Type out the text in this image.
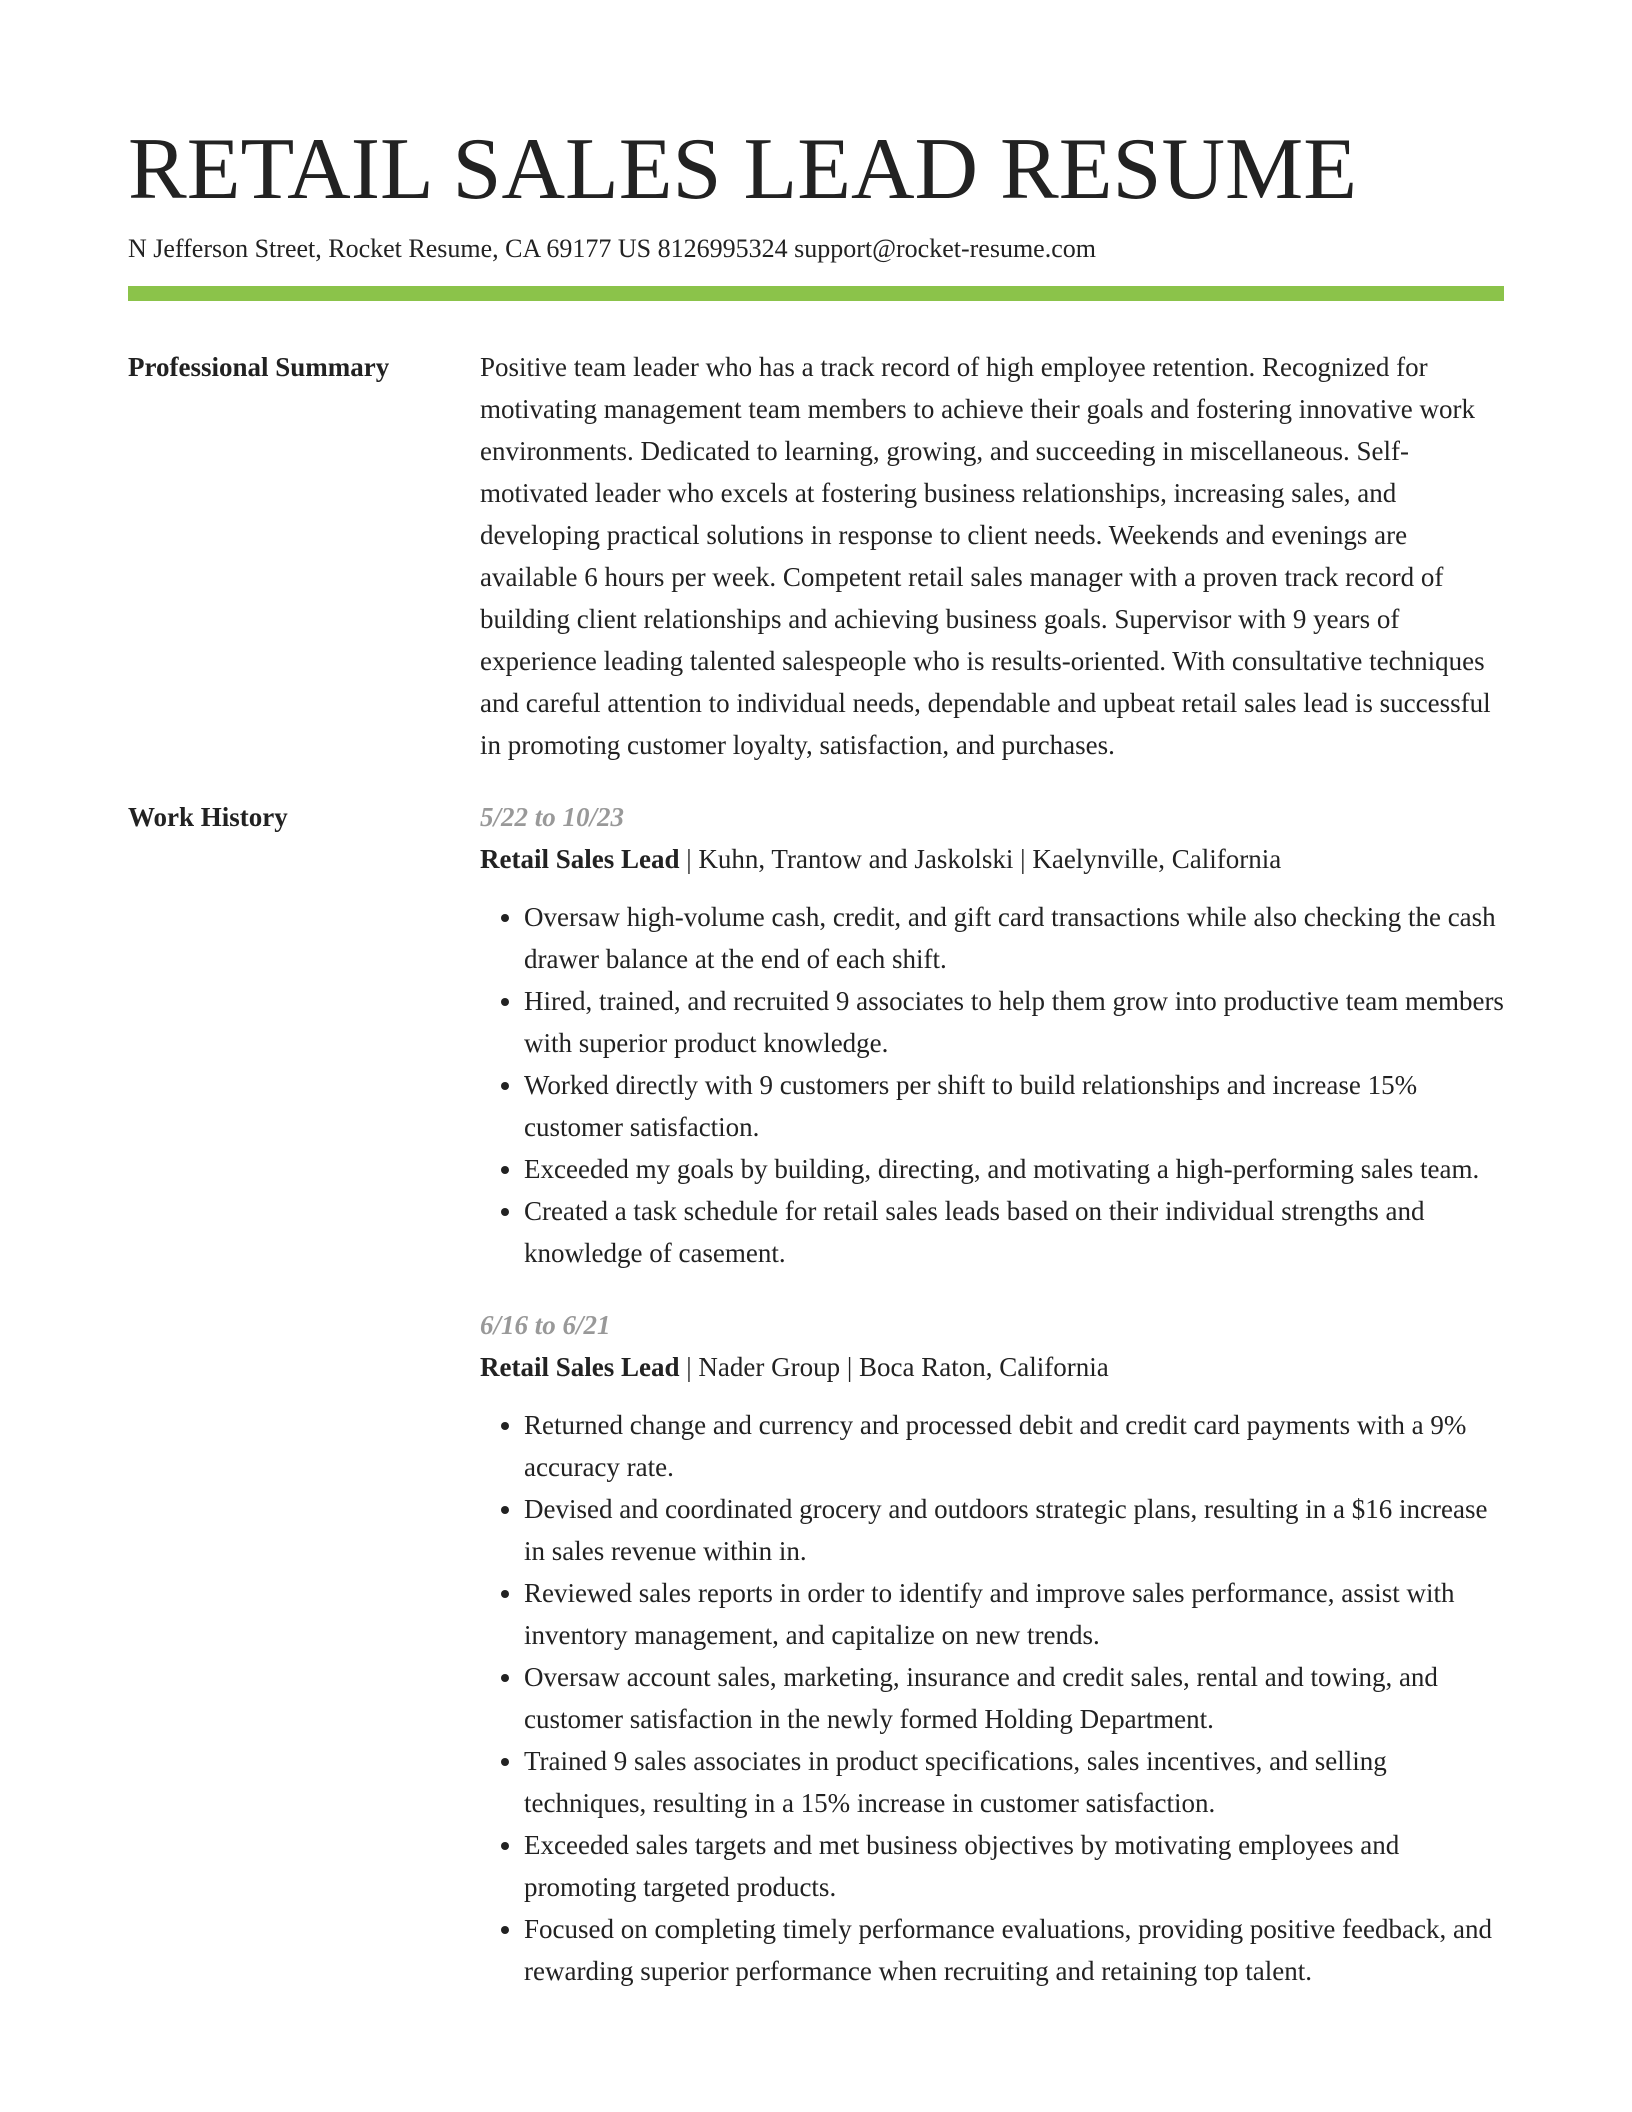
RETAIL SALES LEAD RESUME
N Jefferson Street, Rocket Resume, CA 69177 US 8126995324 support@rocket-resume.com
Professional Summary	Positive team leader who has a track record of high employee retention. Recognized for motivating management team members to achieve their goals and fostering innovative work environments. Dedicated to learning, growing, and succeeding in miscellaneous. Self-motivated leader who excels at fostering business relationships, increasing sales, and developing practical solutions in response to client needs. Weekends and evenings are available 6 hours per week. Competent retail sales manager with a proven track record of building client relationships and achieving business goals. Supervisor with 9 years of experience leading talented salespeople who is results-oriented. With consultative techniques and careful attention to individual needs, dependable and upbeat retail sales lead is successful in promoting customer loyalty, satisfaction, and purchases.

Work History	5/22 to 10/23
Retail Sales Lead | Kuhn, Trantow and Jaskolski | Kaelynville, California
• Oversaw high-volume cash, credit, and gift card transactions while also checking the cash drawer balance at the end of each shift.
• Hired, trained, and recruited 9 associates to help them grow into productive team members with superior product knowledge.
• Worked directly with 9 customers per shift to build relationships and increase 15% customer satisfaction.
• Exceeded my goals by building, directing, and motivating a high-performing sales team.
• Created a task schedule for retail sales leads based on their individual strengths and knowledge of casement.
6/16 to 6/21
Retail Sales Lead | Nader Group | Boca Raton, California
• Returned change and currency and processed debit and credit card payments with a 9% accuracy rate.
• Devised and coordinated grocery and outdoors strategic plans, resulting in a $16 increase in sales revenue within in.
• Reviewed sales reports in order to identify and improve sales performance, assist with inventory management, and capitalize on new trends.
• Oversaw account sales, marketing, insurance and credit sales, rental and towing, and customer satisfaction in the newly formed Holding Department.
• Trained 9 sales associates in product specifications, sales incentives, and selling techniques, resulting in a 15% increase in customer satisfaction.
• Exceeded sales targets and met business objectives by motivating employees and promoting targeted products.
• Focused on completing timely performance evaluations, providing positive feedback, and rewarding superior performance when recruiting and retaining top talent.
